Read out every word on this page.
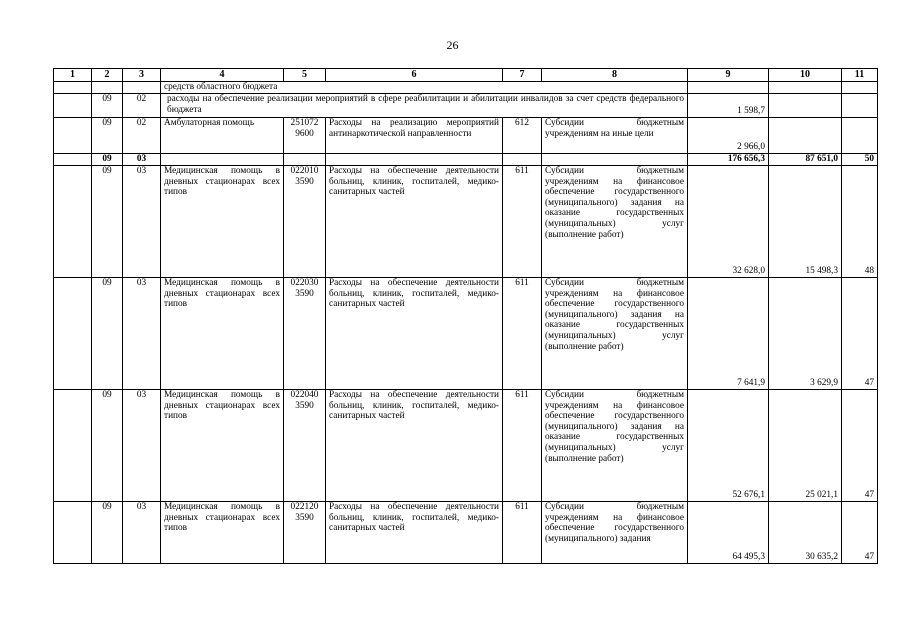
26
1	2	3	4	5	6	7	8	9	10	11
			средств областного бюджета							
	09	02	расходы на обеспечение реализации мероприятий в сфере реабилитации и абилитации инвалидов за счет средств федерального бюджета					1 598,7		
	09	02	Амбулаторная помощь	251072 9600	Расходы на реализацию мероприятий антинаркотической направленности	612	Субсидии бюджетным учреждениям на иные цели	2 966,0		
	09	03						176 656,3	87 651,0	50
	09	03	Медицинская помощь в дневных стационарах всех типов	022010 3590	Расходы на обеспечение деятельности больниц, клиник, госпиталей, медико-санитарных частей	611	Субсидии бюджетным учреждениям на финансовое обеспечение государственного (муниципального) задания на оказание государственных (муниципальных) услуг (выполнение работ)	32 628,0	15 498,3	48
	09	03	Медицинская помощь в дневных стационарах всех типов	022030 3590	Расходы на обеспечение деятельности больниц, клиник, госпиталей, медико-санитарных частей	611	Субсидии бюджетным учреждениям на финансовое обеспечение государственного (муниципального) задания на оказание государственных (муниципальных) услуг (выполнение работ)	7 641,9	3 629,9	47
	09	03	Медицинская помощь в дневных стационарах всех типов	022040 3590	Расходы на обеспечение деятельности больниц, клиник, госпиталей, медико-санитарных частей	611	Субсидии бюджетным учреждениям на финансовое обеспечение государственного (муниципального) задания на оказание государственных (муниципальных) услуг (выполнение работ)	52 676,1	25 021,1	47
	09	03	Медицинская помощь в дневных стационарах всех типов	022120 3590	Расходы на обеспечение деятельности больниц, клиник, госпиталей, медико-санитарных частей	611	Субсидии бюджетным учреждениям на финансовое обеспечение государственного (муниципального) задания	64 495,3	30 635,2	47
